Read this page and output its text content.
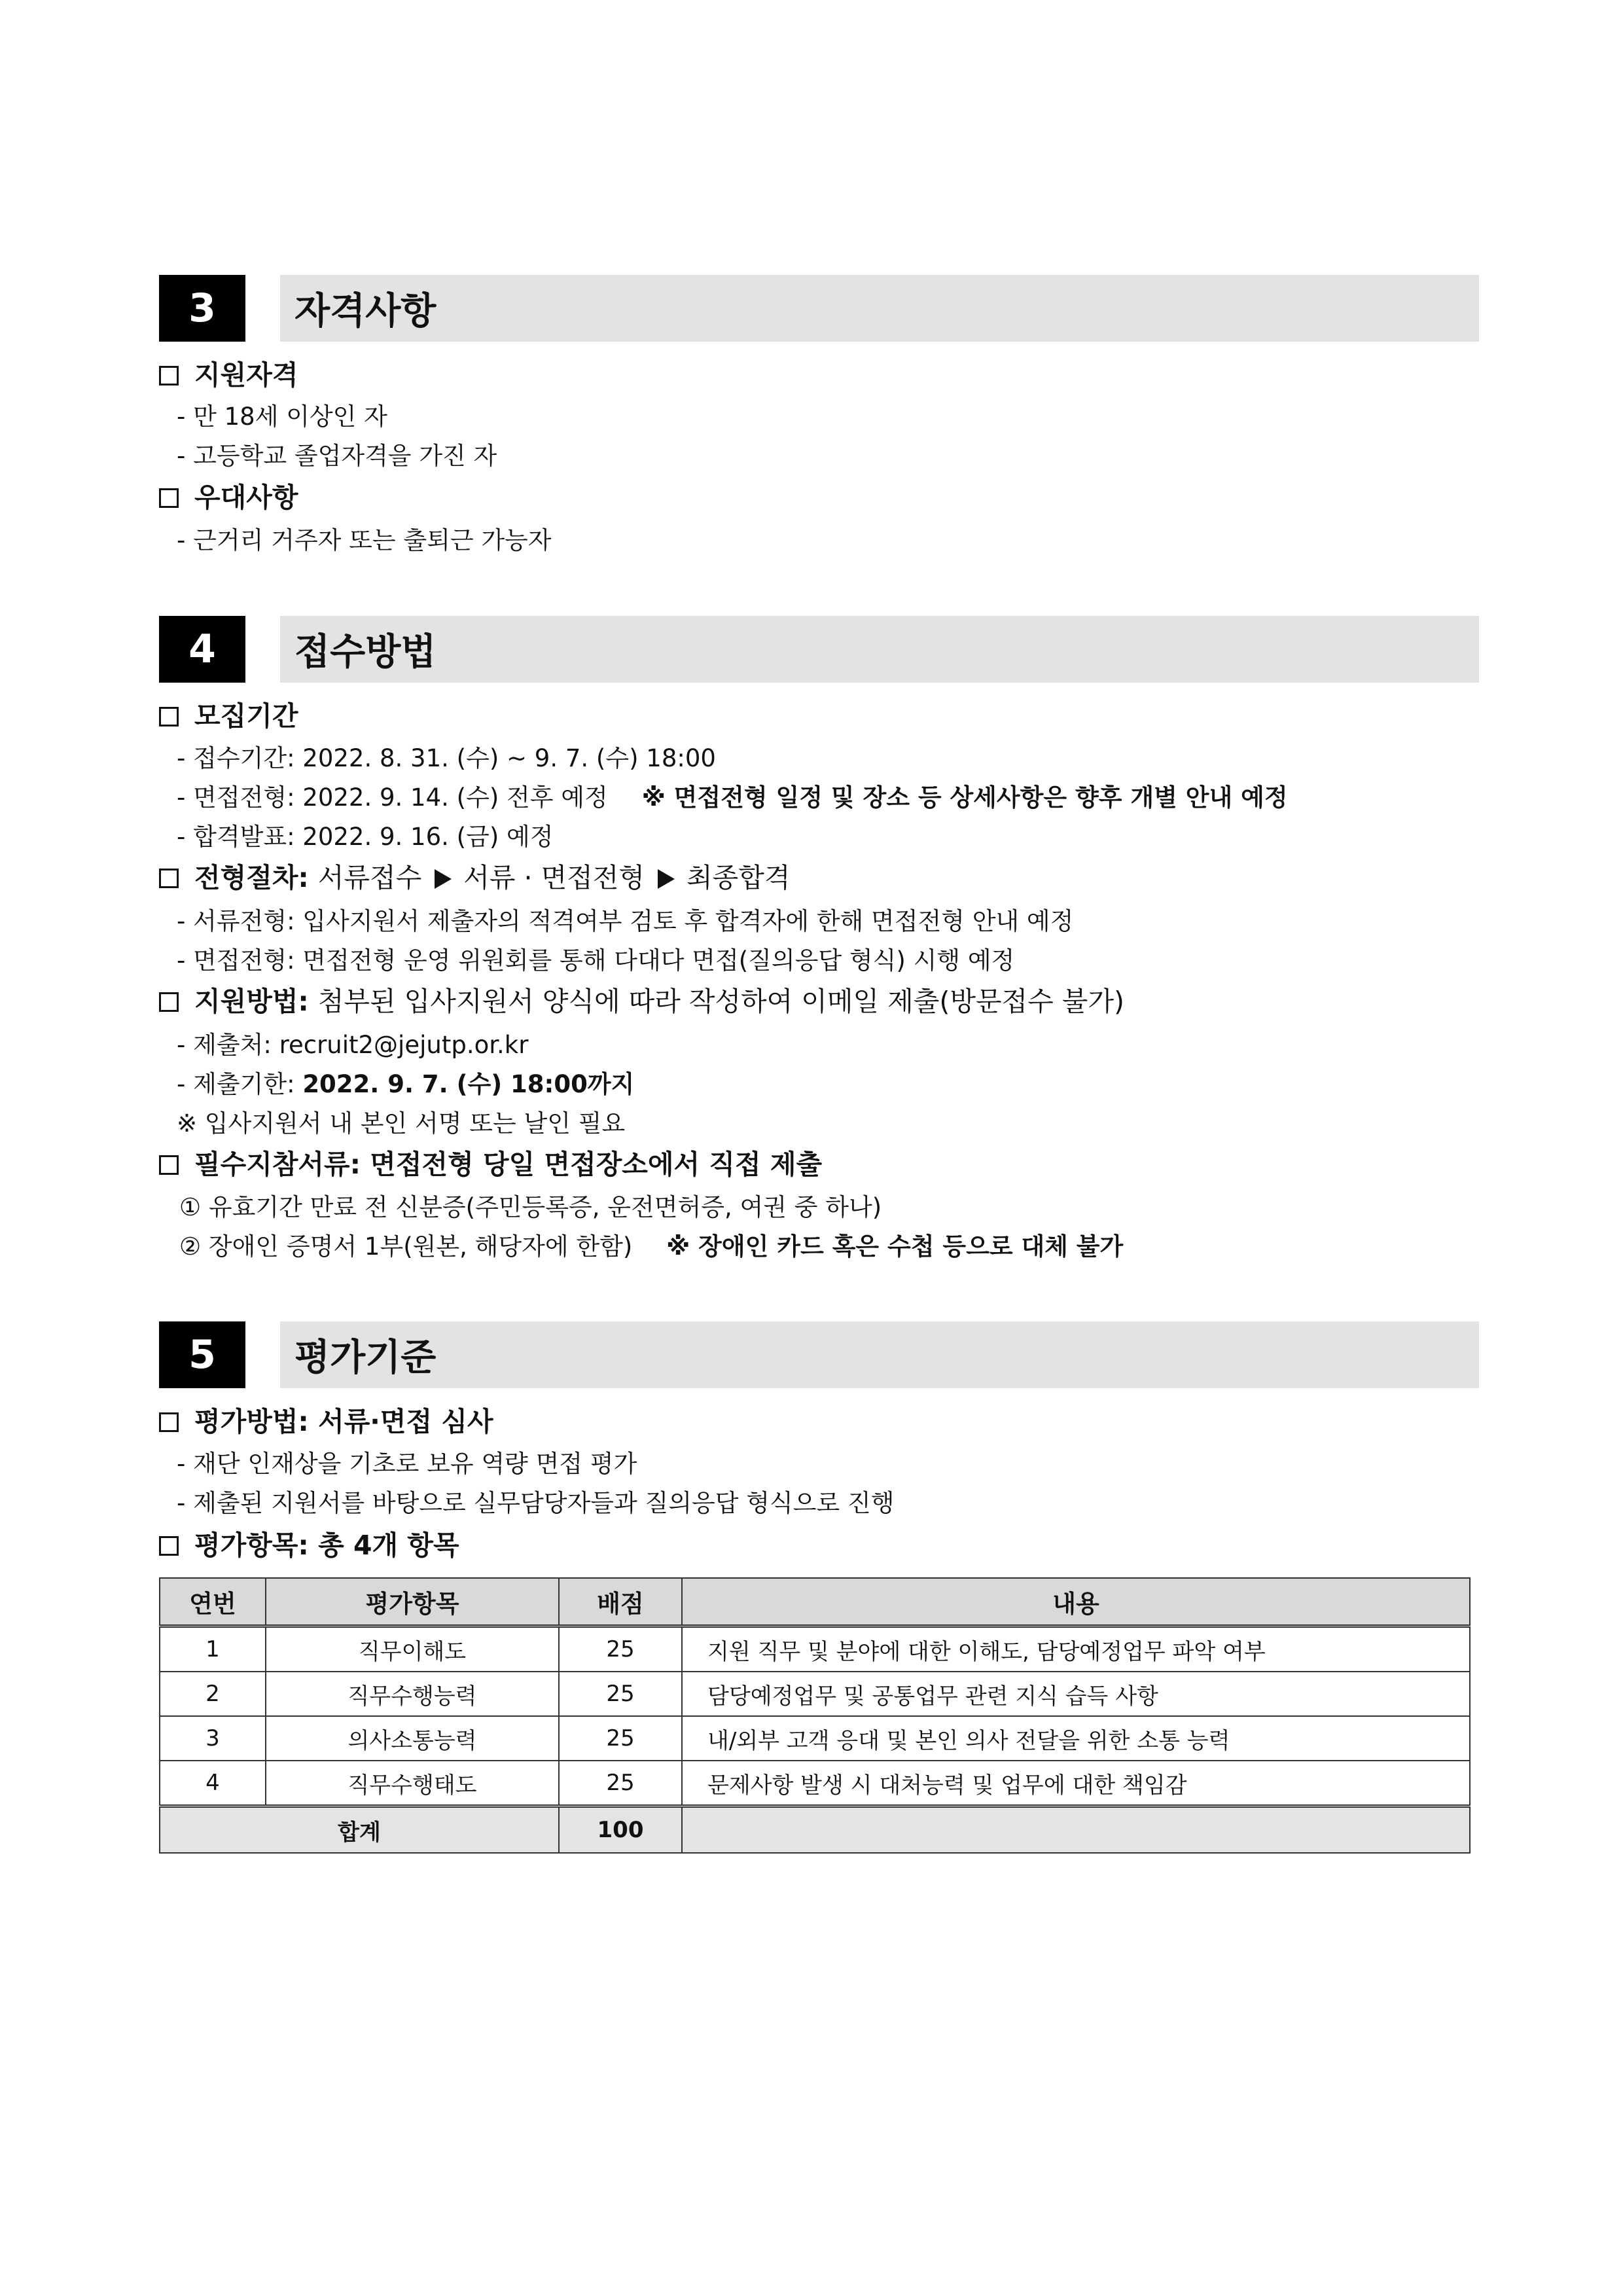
3	자격사항
지원자격
- 만 18세 이상인 자
- 고등학교 졸업자격을 가진 자
우대사항
- 근거리 거주자 또는 출퇴근 가능자
4	접수방법
모집기간
- 접수기간: 2022. 8. 31. (수) ~ 9. 7. (수) 18:00
- 면접전형: 2022. 9. 14. (수) 전후 예정 ※ 면접전형 일정 및 장소 등 상세사항은 향후 개별 안내 예정
- 합격발표: 2022. 9. 16. (금) 예정
전형절차: 서류접수 서류 · 면접전형 최종합격
- 서류전형: 입사지원서 제출자의 적격여부 검토 후 합격자에 한해 면접전형 안내 예정
- 면접전형: 면접전형 운영 위원회를 통해 다대다 면접(질의응답 형식) 시행 예정
지원방법: 첨부된 입사지원서 양식에 따라 작성하여 이메일 제출(방문접수 불가)
- 제출처: recruit2@jejutp.or.kr
- 제출기한: 2022. 9. 7. (수) 18:00까지
※ 입사지원서 내 본인 서명 또는 날인 필요
필수지참서류: 면접전형 당일 면접장소에서 직접 제출
① 유효기간 만료 전 신분증(주민등록증, 운전면허증, 여권 중 하나)
② 장애인 증명서 1부(원본, 해당자에 한함) ※ 장애인 카드 혹은 수첩 등으로 대체 불가
5	평가기준
평가방법: 서류·면접 심사
- 재단 인재상을 기초로 보유 역량 면접 평가
- 제출된 지원서를 바탕으로 실무담당자들과 질의응답 형식으로 진행
평가항목: 총 4개 항목
연번	평가항목	배점	내용
1	직무이해도	25	지원 직무 및 분야에 대한 이해도, 담당예정업무 파악 여부
2	직무수행능력	25	담당예정업무 및 공통업무 관련 지식 습득 사항
3	의사소통능력	25	내/외부 고객 응대 및 본인 의사 전달을 위한 소통 능력
4	직무수행태도	25	문제사항 발생 시 대처능력 및 업무에 대한 책임감
합계		100	
